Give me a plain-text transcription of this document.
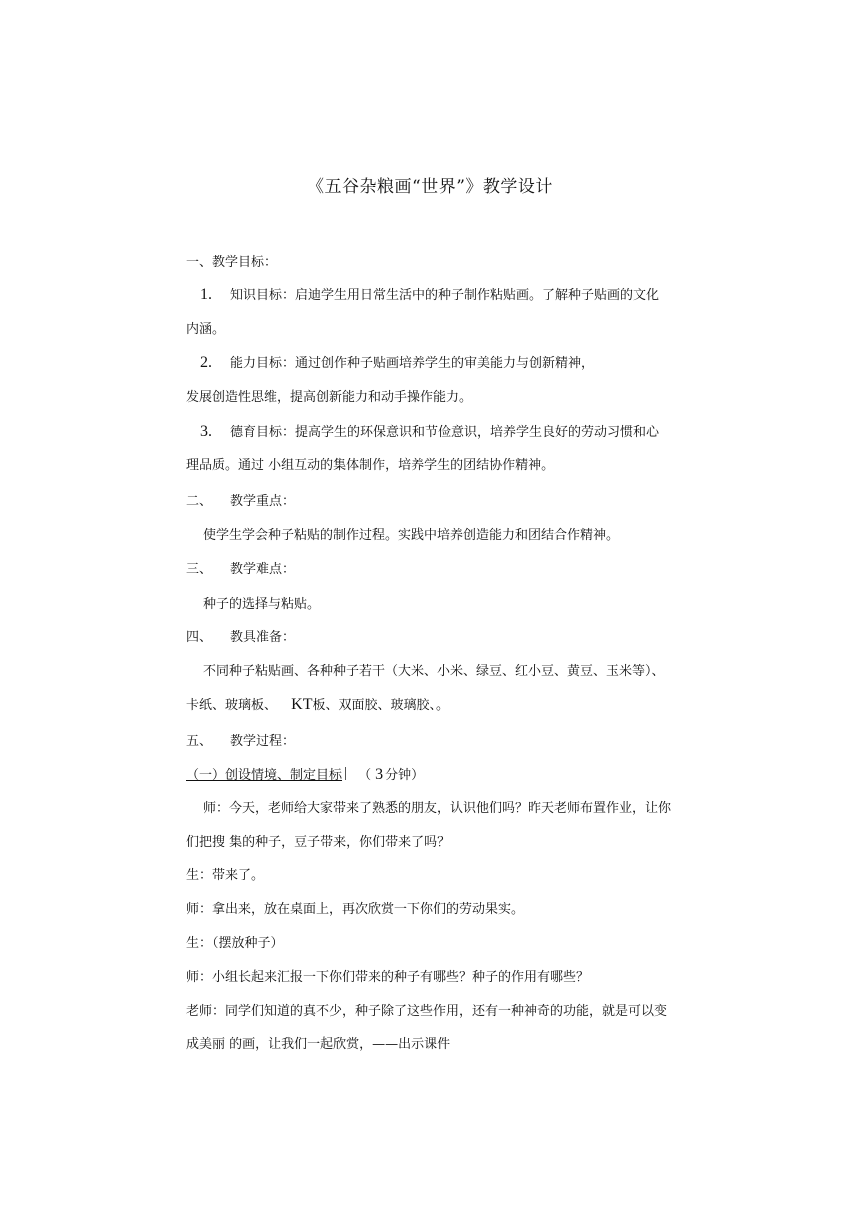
《五谷杂粮画“世界”》教学设计
一、教学目标：
1. 知识目标：启迪学生用日常生活中的种子制作粘贴画。了解种子贴画的文化
内涵。
2. 能力目标：通过创作种子贴画培养学生的审美能力与创新精神，
发展创造性思维，提高创新能力和动手操作能力。
3. 德育目标：提高学生的环保意识和节俭意识，培养学生良好的劳动习惯和心
理品质。通过 小组互动的集体制作，培养学生的团结协作精神。
二、 教学重点：
使学生学会种子粘贴的制作过程。实践中培养创造能力和团结合作精神。
三、 教学难点：
种子的选择与粘贴。
四、 教具准备：
不同种子粘贴画、各种种子若干（大米、小米、绿豆、红小豆、黄豆、玉米等）、
卡纸、玻璃板、 KT板、双面胶、玻璃胶、。
五、 教学过程：
（一）创设情境、制定目标 （ 3 分钟）
师：今天，老师给大家带来了熟悉的朋友，认识他们吗？昨天老师布置作业，让你
们把搜 集的种子，豆子带来，你们带来了吗？
生：带来了。
师：拿出来，放在桌面上，再次欣赏一下你们的劳动果实。
生：（摆放种子）
师：小组长起来汇报一下你们带来的种子有哪些？种子的作用有哪些？
老师：同学们知道的真不少，种子除了这些作用，还有一种神奇的功能，就是可以变
成美丽 的画，让我们一起欣赏，——出示课件
